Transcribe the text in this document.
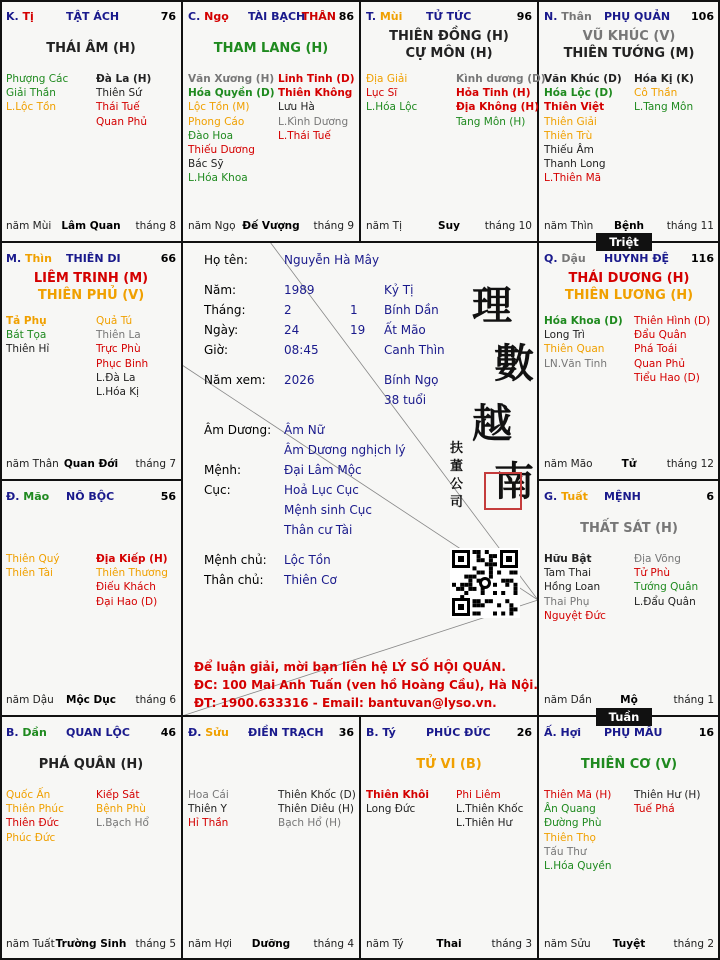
K. Tị	TẬT ÁCH	76
THÁI ÂM (H)
Phượng Các
Giải Thần
L.Lộc Tồn
Đà La (H)
Thiên Sứ
Thái Tuế
Quan Phủ
năm Mùi Lâm Quan	tháng 8
C. Ngọ TÀI BẠCH
THÂN 86
THAM LANG (H)
Văn Xương (H)
Hóa Quyền (D)
Lộc Tồn (M)
Phong Cáo
Đào Hoa
Thiếu Dương
Bác Sỹ
L.Hóa Khoa
Linh Tinh (D)
Thiên Không
Lưu Hà
L.Kình Dương
L.Thái Tuế
năm Ngọ Đế Vượng	tháng 9
T. Mùi TỬ TỨC	96
THIÊN ĐỒNG (H)
CỰ MÔN (H)
Địa Giải
Lục Sĩ
L.Hóa Lộc
Kình dương (D)
Hỏa Tinh (H)
Địa Không (H)
Tang Môn (H)
năm Tị	Suy	tháng 10
N. Thân PHỤ QUẢN 106
VŨ KHÚC (V)
THIÊN TƯỚNG (M)
Văn Khúc (D)
Hóa Lộc (D)
Thiên Việt
Thiên Giải
Thiên Trù
Thiếu Âm
Thanh Long
L.Thiên Mã
Hóa Kị (K)
Cô Thần
L.Tang Môn
năm Thìn	Bệnh	tháng 11
Q. Dậu HUYNH ĐỆ 116
THÁI DƯƠNG (H)
THIÊN LƯƠNG (H)
Hóa Khoa (D)
Long Trì
Thiên Quan
LN.Văn Tinh
Thiên Hình (D)
Đẩu Quân
Phá Toái
Quan Phủ
Tiểu Hao (D)
năm Mão	Tử	tháng 12
G. Tuất MỆNH	6
THẤT SÁT (H)
Hữu Bật
Tam Thai
Hồng Loan
Thai Phụ
Nguyệt Đức
Địa Võng
Tử Phù
Tướng Quân
L.Đẩu Quân
năm Dần	Mộ	tháng 1
Ấ. Hợi PHỤ MẪU	16
THIÊN CƠ (V)
Thiên Mã (H)
Ân Quang
Đường Phù
Thiên Thọ
Tấu Thư
L.Hóa Quyền
Thiên Hư (H)
Tuế Phá
năm Sửu	Tuyệt	tháng 2
B. Tý	PHÚC ĐỨC 26
TỬ VI (B)
Thiên Khôi
Long Đức
Phi Liêm
L.Thiên Khốc
L.Thiên Hư
năm Tý	Thai	tháng 3
Đ. Sửu ĐIỀN TRẠCH 36
Hoa Cái
Thiên Y
Hỉ Thần
Thiên Khốc (D)
Thiên Diêu (H)
Bạch Hổ (H)
năm Hợi	Dưỡng	tháng 4
B. Dần QUAN LỘC	46
PHÁ QUÂN (H)
Quốc Ấn
Thiên Phúc
Thiên Đức
Phúc Đức
Kiếp Sát
Bệnh Phù
L.Bạch Hổ
năm Tuất Trường Sinh tháng 5
Đ. Mão NÔ BỘC	56
Thiên Quý
Thiên Tài
Địa Kiếp (H)
Thiên Thương
Điếu Khách
Đại Hao (D)
năm Dậu	Mộc Dục	tháng 6
M. Thìn THIÊN DI	66
LIÊM TRINH (M)
THIÊN PHỦ (V)
Tả Phụ
Bát Tọa
Thiên Hỉ
Quả Tú
Thiên La
Trực Phù
Phục Binh
L.Đà La
L.Hóa Kị
năm Thân Quan Đới	tháng 7
Triệt
Tuần
Họ tên:	Nguyễn Hà Mây
Năm:	1989	Kỷ Tị
Tháng:	2	1 Bính Dần
Ngày:	24	19 Ất Mão
Giờ:	08:45	Canh Thìn
Năm xem: 2026	Bính Ngọ
38 tuổi
Âm Dương: Âm Nữ
Âm Dương nghịch lý
Mệnh:	Đại Lâm Mộc
Cục:	Hoả Lục Cục
Mệnh sinh Cục
Thân cư Tài
Mệnh chủ: Lộc Tồn
Thân chủ: Thiên Cơ
理
數
越
南
扶董公司
Để luận giải, mời bạn liên hệ LÝ SỐ HỘI QUÁN.
ĐC: 100 Mai Anh Tuấn (ven hồ Hoàng Cầu), Hà Nội.
ĐT: 1900.633316 - Email: bantuvan@lyso.vn.
